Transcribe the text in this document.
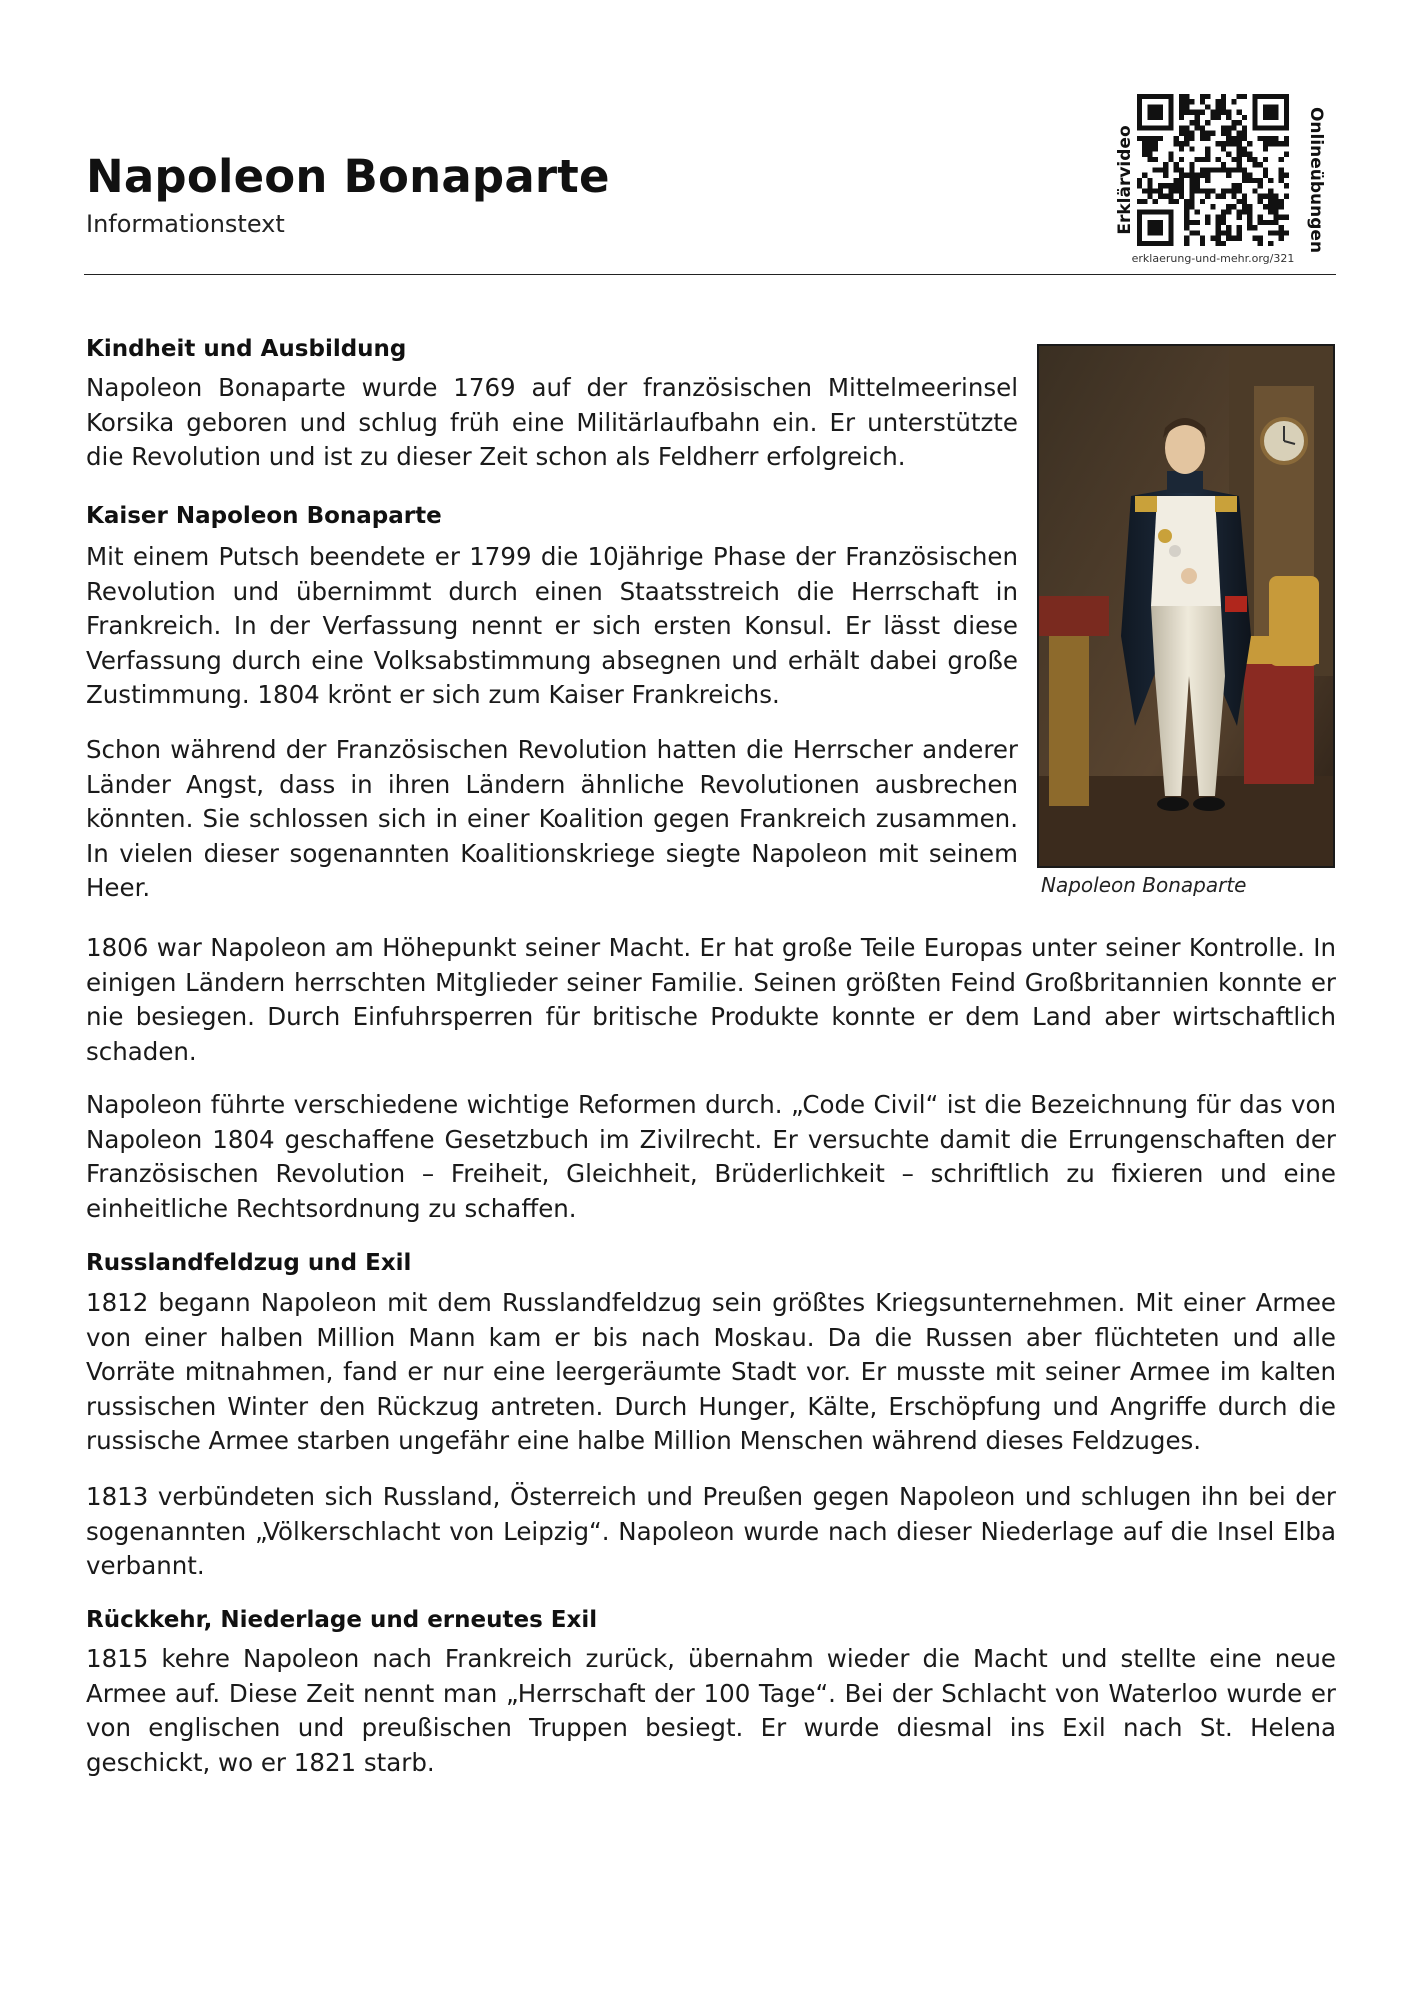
Napoleon Bonaparte
Informationstext	Erklärvideo	Onlineübungen
erklaerung-und-mehr.org/321
Kindheit und Ausbildung

Napoleon Bonaparte wurde 1769 auf der französischen Mittelmeerinsel Korsika geboren und schlug früh eine Militärlaufbahn ein. Er unterstützte die Revolution und ist zu dieser Zeit schon als Feldherr erfolgreich.

Kaiser Napoleon Bonaparte

Mit einem Putsch beendete er 1799 die 10jährige Phase der Französischen Revolution und übernimmt durch einen Staatsstreich die Herrschaft in Frankreich. In der Verfassung nennt er sich ersten Konsul. Er lässt diese Verfassung durch eine Volksabstimmung absegnen und erhält dabei große Zustimmung. 1804 krönt er sich zum Kaiser Frankreichs.

Schon während der Französischen Revolution hatten die Herrscher anderer Länder Angst, dass in ihren Ländern ähnliche Revolutionen ausbrechen könnten. Sie schlossen sich in einer Koalition gegen Frankreich zusammen. In vielen dieser sogenannten Koalitionskriege siegte Napoleon mit seinem Heer.

1806 war Napoleon am Höhepunkt seiner Macht. Er hat große Teile Europas unter seiner Kontrolle. In einigen Ländern herrschten Mitglieder seiner Familie. Seinen größten Feind Großbritannien konnte er nie besiegen. Durch Einfuhrsperren für britische Produkte konnte er dem Land aber wirtschaftlich schaden.

Napoleon führte verschiedene wichtige Reformen durch. „Code Civil“ ist die Bezeichnung für das von Napoleon 1804 geschaffene Gesetzbuch im Zivilrecht. Er versuchte damit die Errungenschaften der Französischen Revolution – Freiheit, Gleichheit, Brüderlichkeit – schriftlich zu fixieren und eine einheitliche Rechtsordnung zu schaffen.

Russlandfeldzug und Exil

1812 begann Napoleon mit dem Russlandfeldzug sein größtes Kriegsunternehmen. Mit einer Armee von einer halben Million Mann kam er bis nach Moskau. Da die Russen aber flüchteten und alle Vorräte mitnahmen, fand er nur eine leergeräumte Stadt vor. Er musste mit seiner Armee im kalten russischen Winter den Rückzug antreten. Durch Hunger, Kälte, Erschöpfung und Angriffe durch die russische Armee starben ungefähr eine halbe Million Menschen während dieses Feldzuges.

1813 verbündeten sich Russland, Österreich und Preußen gegen Napoleon und schlugen ihn bei der sogenannten „Völkerschlacht von Leipzig“. Napoleon wurde nach dieser Niederlage auf die Insel Elba verbannt.

Rückkehr, Niederlage und erneutes Exil

1815 kehre Napoleon nach Frankreich zurück, übernahm wieder die Macht und stellte eine neue Armee auf. Diese Zeit nennt man „Herrschaft der 100 Tage“. Bei der Schlacht von Waterloo wurde er von englischen und preußischen Truppen besiegt. Er wurde diesmal ins Exil nach St. Helena geschickt, wo er 1821 starb.

Napoleon Bonaparte
